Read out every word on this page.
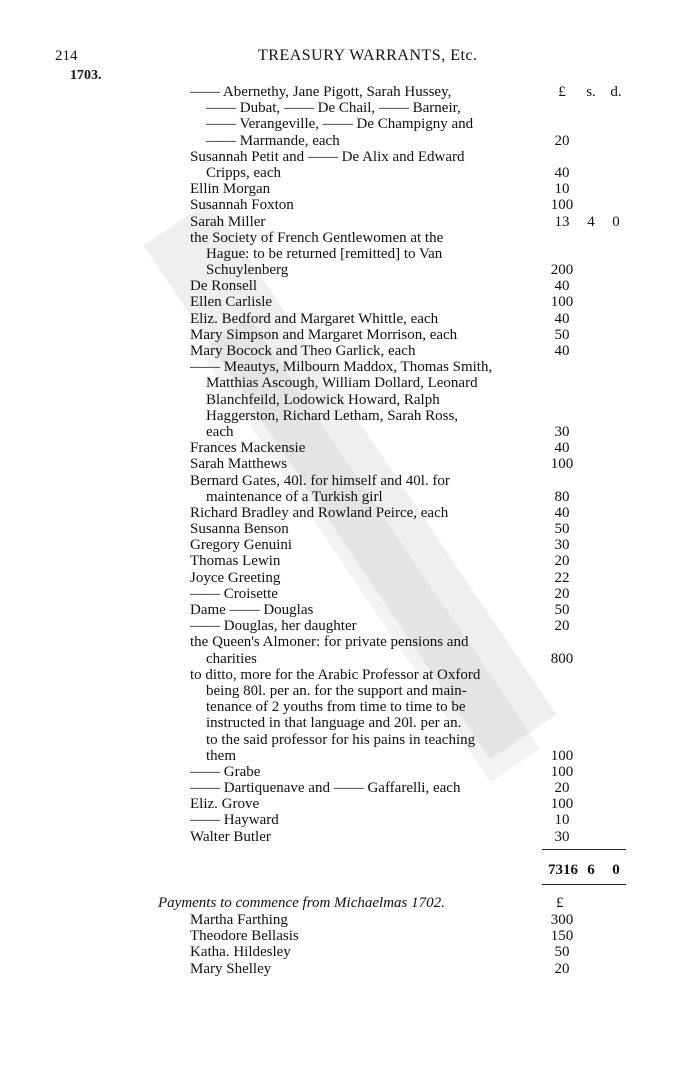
214	TREASURY WARRANTS, Etc.
1703.
£	s. d.
—— Abernethy, Jane Pigott, Sarah Hussey,
—— Dubat, —— De Chail, —— Barneir,
—— Verangeville, —— De Champigny and
—— Marmande, each	20
Susannah Petit and —— De Alix and Edward
Cripps, each	40
Ellin Morgan	10
Susannah Foxton	100
Sarah Miller	13	4	0
the Society of French Gentlewomen at the
Hague: to be returned [remitted] to Van
Schuylenberg	200
De Ronsell	40
Ellen Carlisle	100
Eliz. Bedford and Margaret Whittle, each	40
Mary Simpson and Margaret Morrison, each	50
Mary Bocock and Theo Garlick, each	40
—— Meautys, Milbourn Maddox, Thomas Smith,
Matthias Ascough, William Dollard, Leonard
Blanchfeild, Lodowick Howard, Ralph
Haggerston, Richard Letham, Sarah Ross,
each	30
Frances Mackensie	40
Sarah Matthews	100
Bernard Gates, 40l. for himself and 40l. for
maintenance of a Turkish girl	80
Richard Bradley and Rowland Peirce, each	40
Susanna Benson	50
Gregory Genuini	30
Thomas Lewin	20
Joyce Greeting	22
—— Croisette	20
Dame —— Douglas	50
—— Douglas, her daughter	20
the Queen's Almoner: for private pensions and
charities	800
to ditto, more for the Arabic Professor at Oxford
being 80l. per an. for the support and main-
tenance of 2 youths from time to time to be
instructed in that language and 20l. per an.
to the said professor for his pains in teaching
them	100
—— Grabe	100
—— Dartiquenave and —— Gaffarelli, each	20
Eliz. Grove	100
—— Hayward	10
Walter Butler	30
7316 6	0
Payments to commence from Michaelmas 1702.	£
Martha Farthing	300
Theodore Bellasis	150
Katha. Hildesley	50
Mary Shelley	20
